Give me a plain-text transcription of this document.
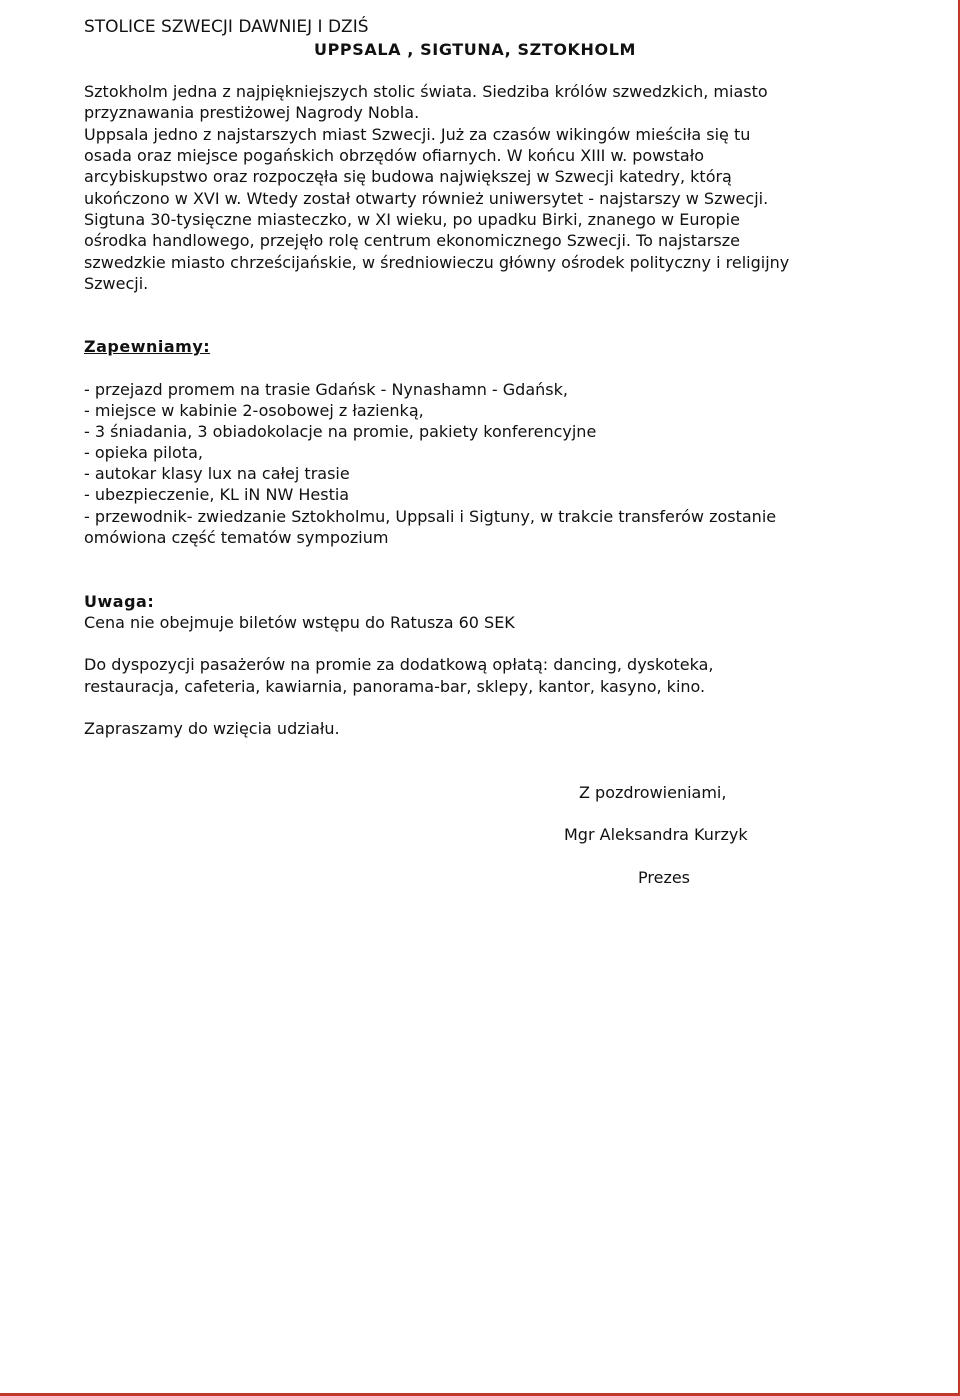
STOLICE SZWECJI DAWNIEJ I DZIŚ
UPPSALA , SIGTUNA, SZTOKHOLM
Sztokholm jedna z najpiękniejszych stolic świata. Siedziba królów szwedzkich, miasto
przyznawania prestiżowej Nagrody Nobla.
Uppsala jedno z najstarszych miast Szwecji. Już za czasów wikingów mieściła się tu
osada oraz miejsce pogańskich obrzędów ofiarnych. W końcu XIII w. powstało
arcybiskupstwo oraz rozpoczęła się budowa największej w Szwecji katedry, którą
ukończono w XVI w. Wtedy został otwarty również uniwersytet - najstarszy w Szwecji.
Sigtuna 30-tysięczne miasteczko, w XI wieku, po upadku Birki, znanego w Europie
ośrodka handlowego, przejęło rolę centrum ekonomicznego Szwecji. To najstarsze
szwedzkie miasto chrześcijańskie, w średniowieczu główny ośrodek polityczny i religijny
Szwecji.
Zapewniamy:
- przejazd promem na trasie Gdańsk - Nynashamn - Gdańsk,
- miejsce w kabinie 2-osobowej z łazienką,
- 3 śniadania, 3 obiadokolacje na promie, pakiety konferencyjne
- opieka pilota,
- autokar klasy lux na całej trasie
- ubezpieczenie, KL iN NW Hestia
- przewodnik- zwiedzanie Sztokholmu, Uppsali i Sigtuny, w trakcie transferów zostanie
omówiona część tematów sympozium
Uwaga:
Cena nie obejmuje biletów wstępu do Ratusza 60 SEK
Do dyspozycji pasażerów na promie za dodatkową opłatą: dancing, dyskoteka,
restauracja, cafeteria, kawiarnia, panorama-bar, sklepy, kantor, kasyno, kino.
Zapraszamy do wzięcia udziału.
Z pozdrowieniami,
Mgr Aleksandra Kurzyk
Prezes
